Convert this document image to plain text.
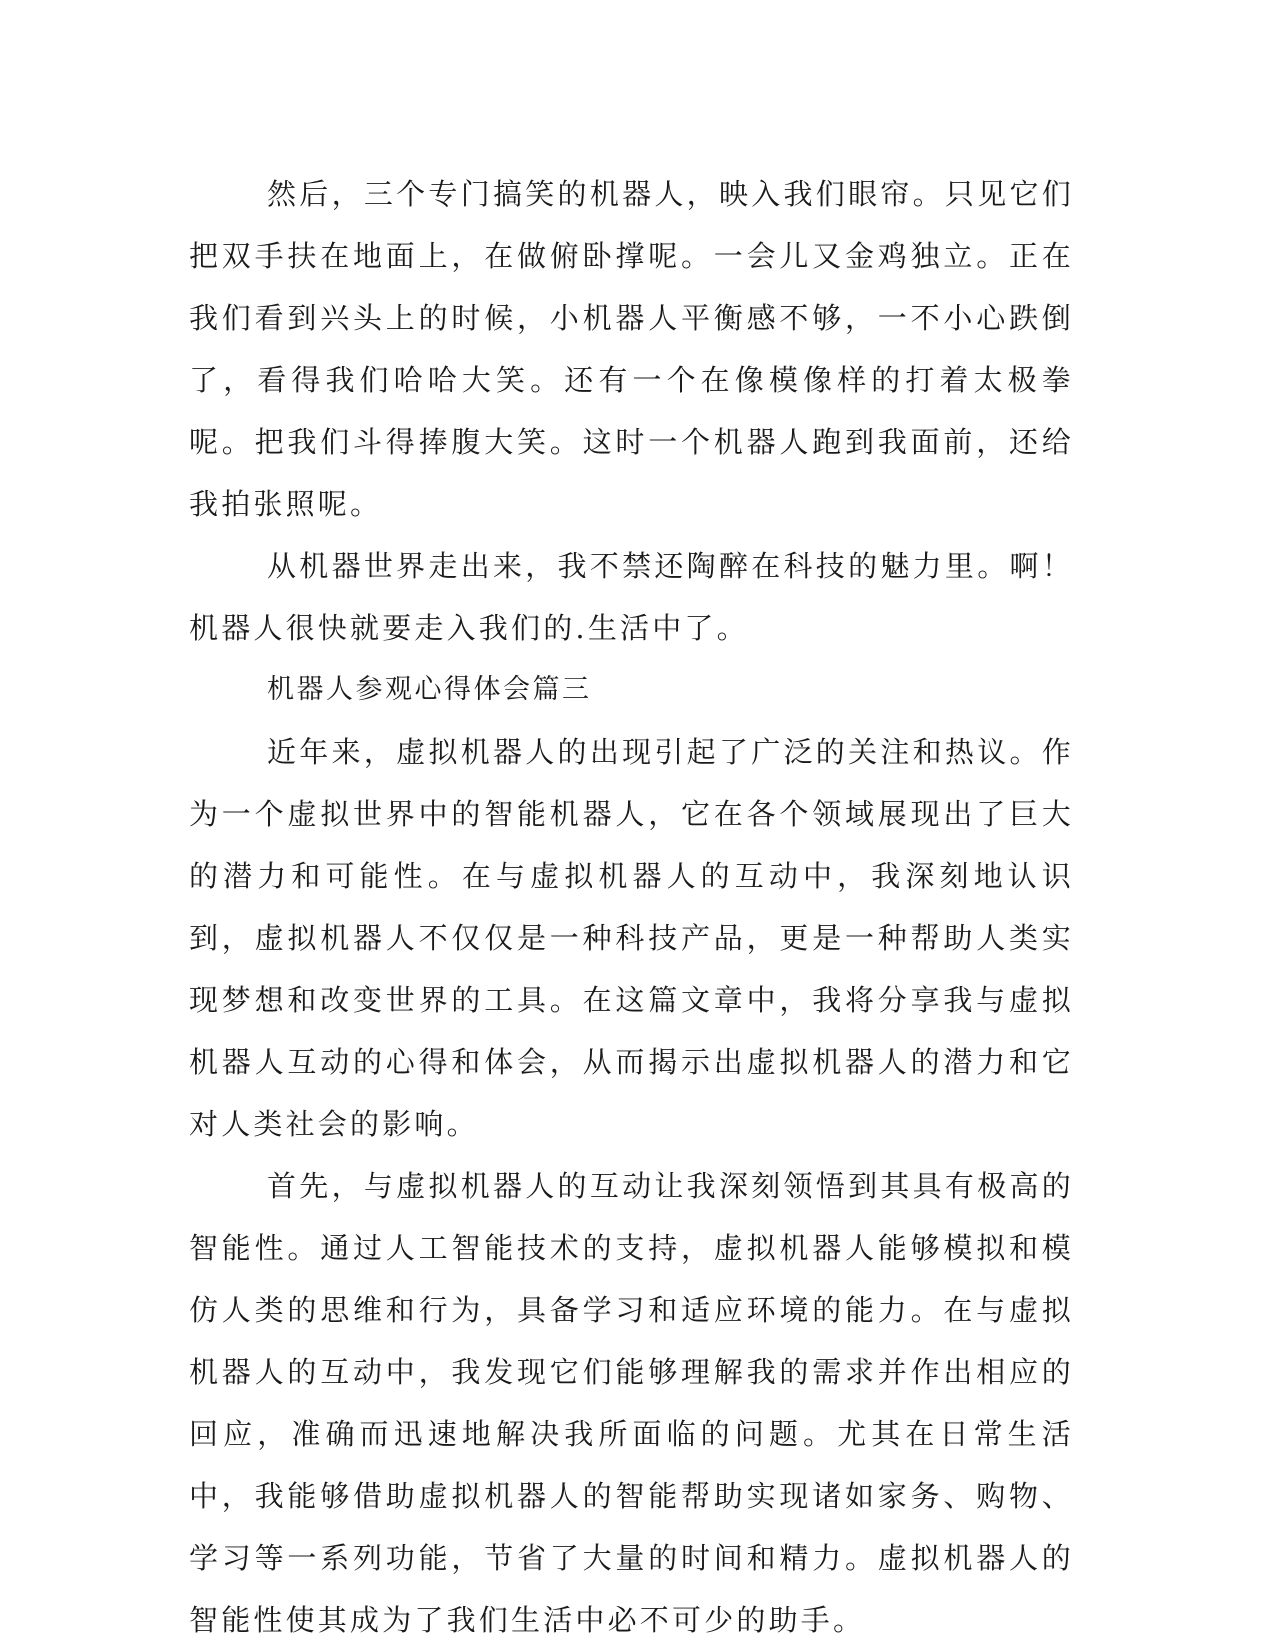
然后，三个专门搞笑的机器人，映入我们眼帘。只见它们把双手扶在地面上，在做俯卧撑呢。一会儿又金鸡独立。正在我们看到兴头上的时候，小机器人平衡感不够，一不小心跌倒了，看得我们哈哈大笑。还有一个在像模像样的打着太极拳呢。把我们斗得捧腹大笑。这时一个机器人跑到我面前，还给我拍张照呢。

从机器世界走出来，我不禁还陶醉在科技的魅力里。啊！机器人很快就要走入我们的.生活中了。

机器人参观心得体会篇三

近年来，虚拟机器人的出现引起了广泛的关注和热议。作为一个虚拟世界中的智能机器人，它在各个领域展现出了巨大的潜力和可能性。在与虚拟机器人的互动中，我深刻地认识到，虚拟机器人不仅仅是一种科技产品，更是一种帮助人类实现梦想和改变世界的工具。在这篇文章中，我将分享我与虚拟机器人互动的心得和体会，从而揭示出虚拟机器人的潜力和它对人类社会的影响。

首先，与虚拟机器人的互动让我深刻领悟到其具有极高的智能性。通过人工智能技术的支持，虚拟机器人能够模拟和模仿人类的思维和行为，具备学习和适应环境的能力。在与虚拟机器人的互动中，我发现它们能够理解我的需求并作出相应的回应，准确而迅速地解决我所面临的问题。尤其在日常生活中，我能够借助虚拟机器人的智能帮助实现诸如家务、购物、学习等一系列功能，节省了大量的时间和精力。虚拟机器人的智能性使其成为了我们生活中必不可少的助手。
